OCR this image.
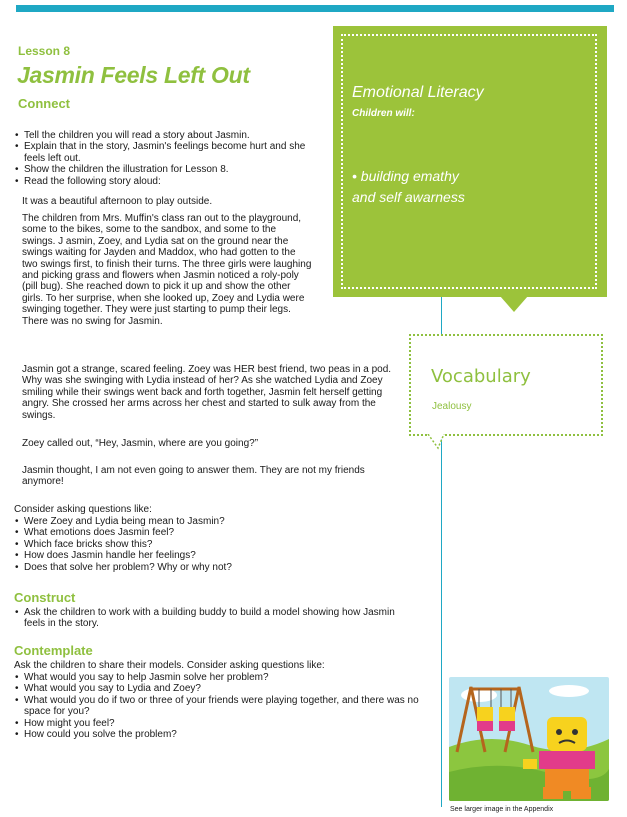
Lesson 8
Jasmin Feels Left Out
Connect
• Tell the children you will read a story about Jasmin.
• Explain that in the story, Jasmin's feelings become hurt and she feels left out.
• Show the children the illustration for Lesson 8.
• Read the following story aloud:
It was a beautiful afternoon to play outside.
The children from Mrs. Muffin's class ran out to the playground, some to the bikes, some to the sandbox, and some to the swings. J asmin, Zoey, and Lydia sat on the ground near the swings waiting for Jayden and Maddox, who had gotten to the two swings first, to finish their turns. The three girls were laughing and picking grass and flowers when Jasmin noticed a roly-poly (pill bug). She reached down to pick it up and show the other girls. To her surprise, when she looked up, Zoey and Lydia were swinging together. They were just starting to pump their legs. There was no swing for Jasmin.
Jasmin got a strange, scared feeling. Zoey was HER best friend, two peas in a pod. Why was she swinging with Lydia instead of her? As she watched Lydia and Zoey smiling while their swings went back and forth together, Jasmin felt herself getting angry. She crossed her arms across her chest and started to sulk away from the swings.
Zoey called out, “Hey, Jasmin, where are you going?”
Jasmin thought, I am not even going to answer them. They are not my friends anymore!
Consider asking questions like:
• Were Zoey and Lydia being mean to Jasmin?
• What emotions does Jasmin feel?
• Which face bricks show this?
• How does Jasmin handle her feelings?
• Does that solve her problem? Why or why not?
Construct
• Ask the children to work with a building buddy to build a model showing how Jasmin feels in the story.
Contemplate
Ask the children to share their models. Consider asking questions like:
• What would you say to help Jasmin solve her problem?
• What would you say to Lydia and Zoey?
• What would you do if two or three of your friends were playing together, and there was no space for you?
• How might you feel?
• How could you solve the problem?
Emotional Literacy
Children will:
• building emathy
and self awarness
Vocabulary
Jealousy
See larger image in the Appendix
